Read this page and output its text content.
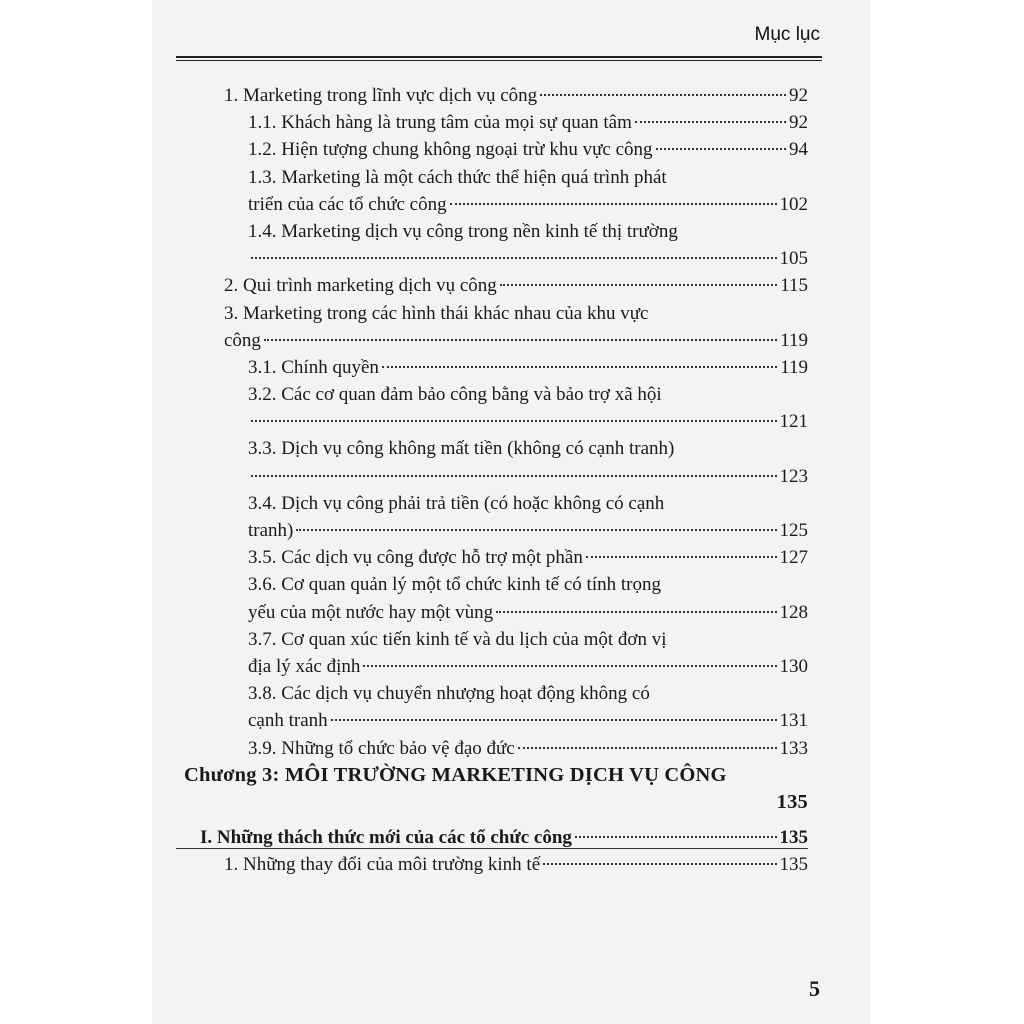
Mục lục
1. Marketing trong lĩnh vực dịch vụ công	92
1.1. Khách hàng là trung tâm của mọi sự quan tâm	92
1.2. Hiện tượng chung không ngoại trừ khu vực công	94
1.3. Marketing là một cách thức thể hiện quá trình phát
triển của các tổ chức công	102
1.4. Marketing dịch vụ công trong nền kinh tế thị trường
105
2. Qui trình marketing dịch vụ công	115
3. Marketing trong các hình thái khác nhau của khu vực
công	119
3.1. Chính quyền	119
3.2. Các cơ quan đảm bảo công bằng và bảo trợ xã hội
121
3.3. Dịch vụ công không mất tiền (không có cạnh tranh)
123
3.4. Dịch vụ công phải trả tiền (có hoặc không có cạnh
tranh)	125
3.5. Các dịch vụ công được hỗ trợ một phần	127
3.6. Cơ quan quản lý một tổ chức kinh tế có tính trọng
yếu của một nước hay một vùng	128
3.7. Cơ quan xúc tiến kinh tế và du lịch của một đơn vị
địa lý xác định	130
3.8. Các dịch vụ chuyển nhượng hoạt động không có
cạnh tranh	131
3.9. Những tổ chức bảo vệ đạo đức	133
Chương 3: MÔI TRƯỜNG MARKETING DỊCH VỤ CÔNG
135
I. Những thách thức mới của các tổ chức công	135
1. Những thay đổi của môi trường kinh tế	135
5
